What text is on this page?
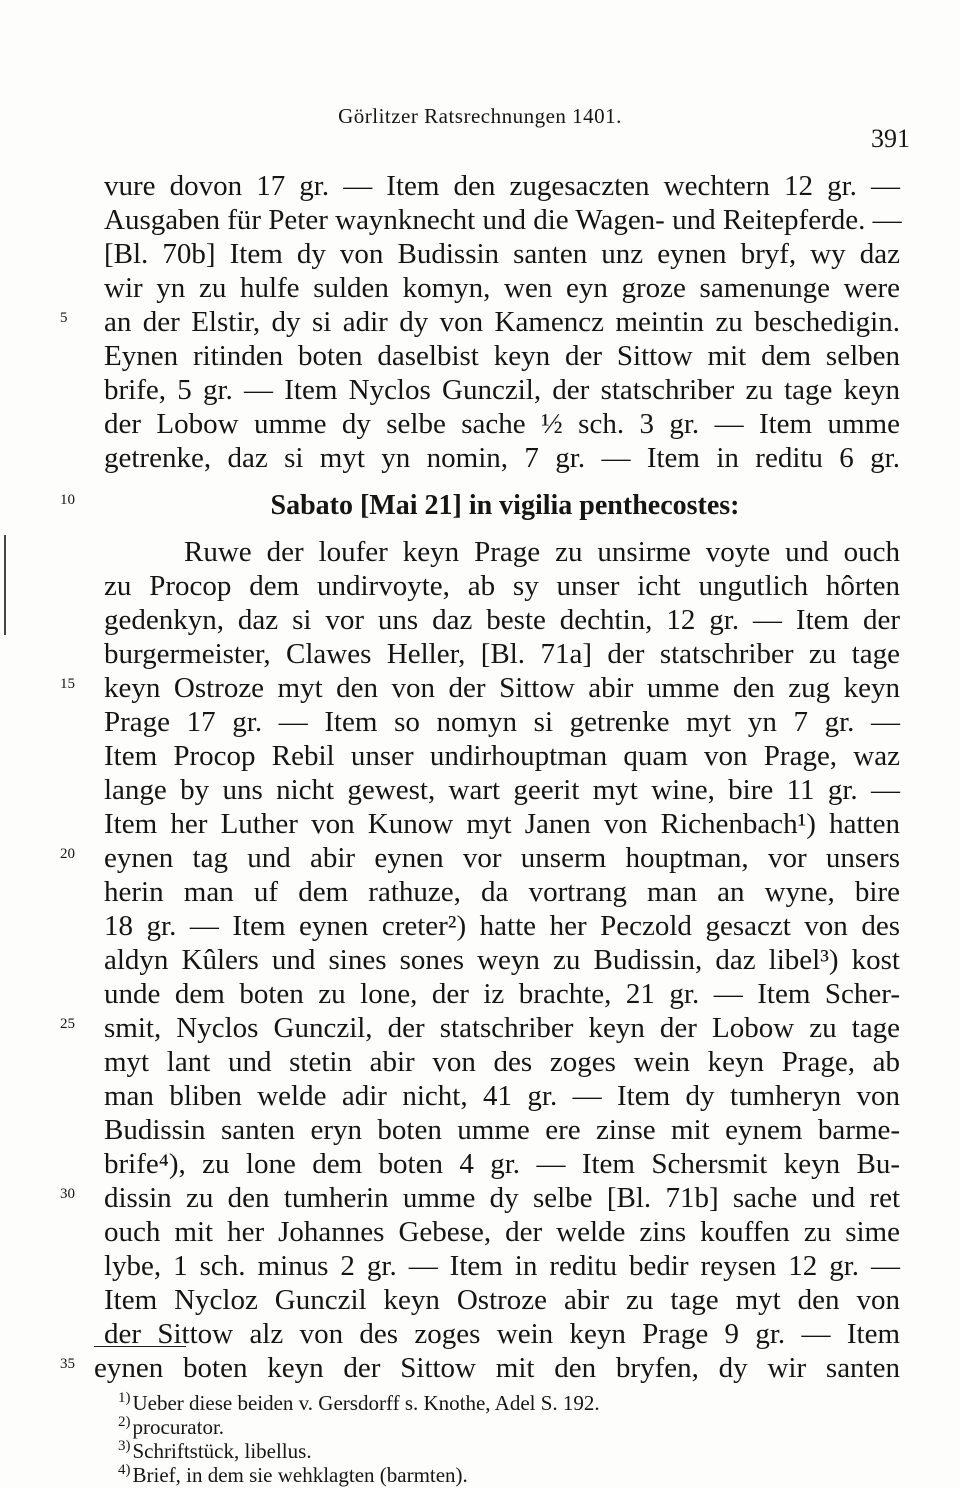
Görlitzer Ratsrechnungen 1401.
391
vure dovon 17 gr. — Item den zugesaczten wechtern 12 gr. —
Ausgaben für Peter waynknecht und die Wagen- und Reitepferde. —
[Bl. 70b] Item dy von Budissin santen unz eynen bryf, wy daz
wir yn zu hulfe sulden komyn, wen eyn groze samenunge were
an der Elstir, dy si adir dy von Kamencz meintin zu beschedigin.
Eynen ritinden boten daselbist keyn der Sittow mit dem selben
brife, 5 gr. — Item Nyclos Gunczil, der statschriber zu tage keyn
der Lobow umme dy selbe sache ½ sch. 3 gr. — Item umme
getrenke, daz si myt yn nomin, 7 gr. — Item in reditu 6 gr.
Sabato [Mai 21] in vigilia penthecostes:
Ruwe der loufer keyn Prage zu unsirme voyte und ouch
zu Procop dem undirvoyte, ab sy unser icht ungutlich hôrten
gedenkyn, daz si vor uns daz beste dechtin, 12 gr. — Item der
burgermeister, Clawes Heller, [Bl. 71a] der statschriber zu tage
keyn Ostroze myt den von der Sittow abir umme den zug keyn
Prage 17 gr. — Item so nomyn si getrenke myt yn 7 gr. —
Item Procop Rebil unser undirhouptman quam von Prage, waz
lange by uns nicht gewest, wart geerit myt wine, bire 11 gr. —
Item her Luther von Kunow myt Janen von Richenbach¹) hatten
eynen tag und abir eynen vor unserm houptman, vor unsers
herin man uf dem rathuze, da vortrang man an wyne, bire
18 gr. — Item eynen creter²) hatte her Peczold gesaczt von des
aldyn Kûlers und sines sones weyn zu Budissin, daz libel³) kost
unde dem boten zu lone, der iz brachte, 21 gr. — Item Scher-
smit, Nyclos Gunczil, der statschriber keyn der Lobow zu tage
myt lant und stetin abir von des zoges wein keyn Prage, ab
man bliben welde adir nicht, 41 gr. — Item dy tumheryn von
Budissin santen eryn boten umme ere zinse mit eynem barme-
brife⁴), zu lone dem boten 4 gr. — Item Schersmit keyn Bu-
dissin zu den tumherin umme dy selbe [Bl. 71b] sache und ret
ouch mit her Johannes Gebese, der welde zins kouffen zu sime
lybe, 1 sch. minus 2 gr. — Item in reditu bedir reysen 12 gr. —
Item Nycloz Gunczil keyn Ostroze abir zu tage myt den von
der Sittow alz von des zoges wein keyn Prage 9 gr. — Item
eynen boten keyn der Sittow mit den bryfen, dy wir santen
5
10
15
20
25
30
35
$^{1)}$Ueber diese beiden v. Gersdorff s. Knothe, Adel S. 192.
$^{2)}$procurator.
$^{3)}$Schriftstück, libellus.
$^{4)}$Brief, in dem sie wehklagten (barmten).
